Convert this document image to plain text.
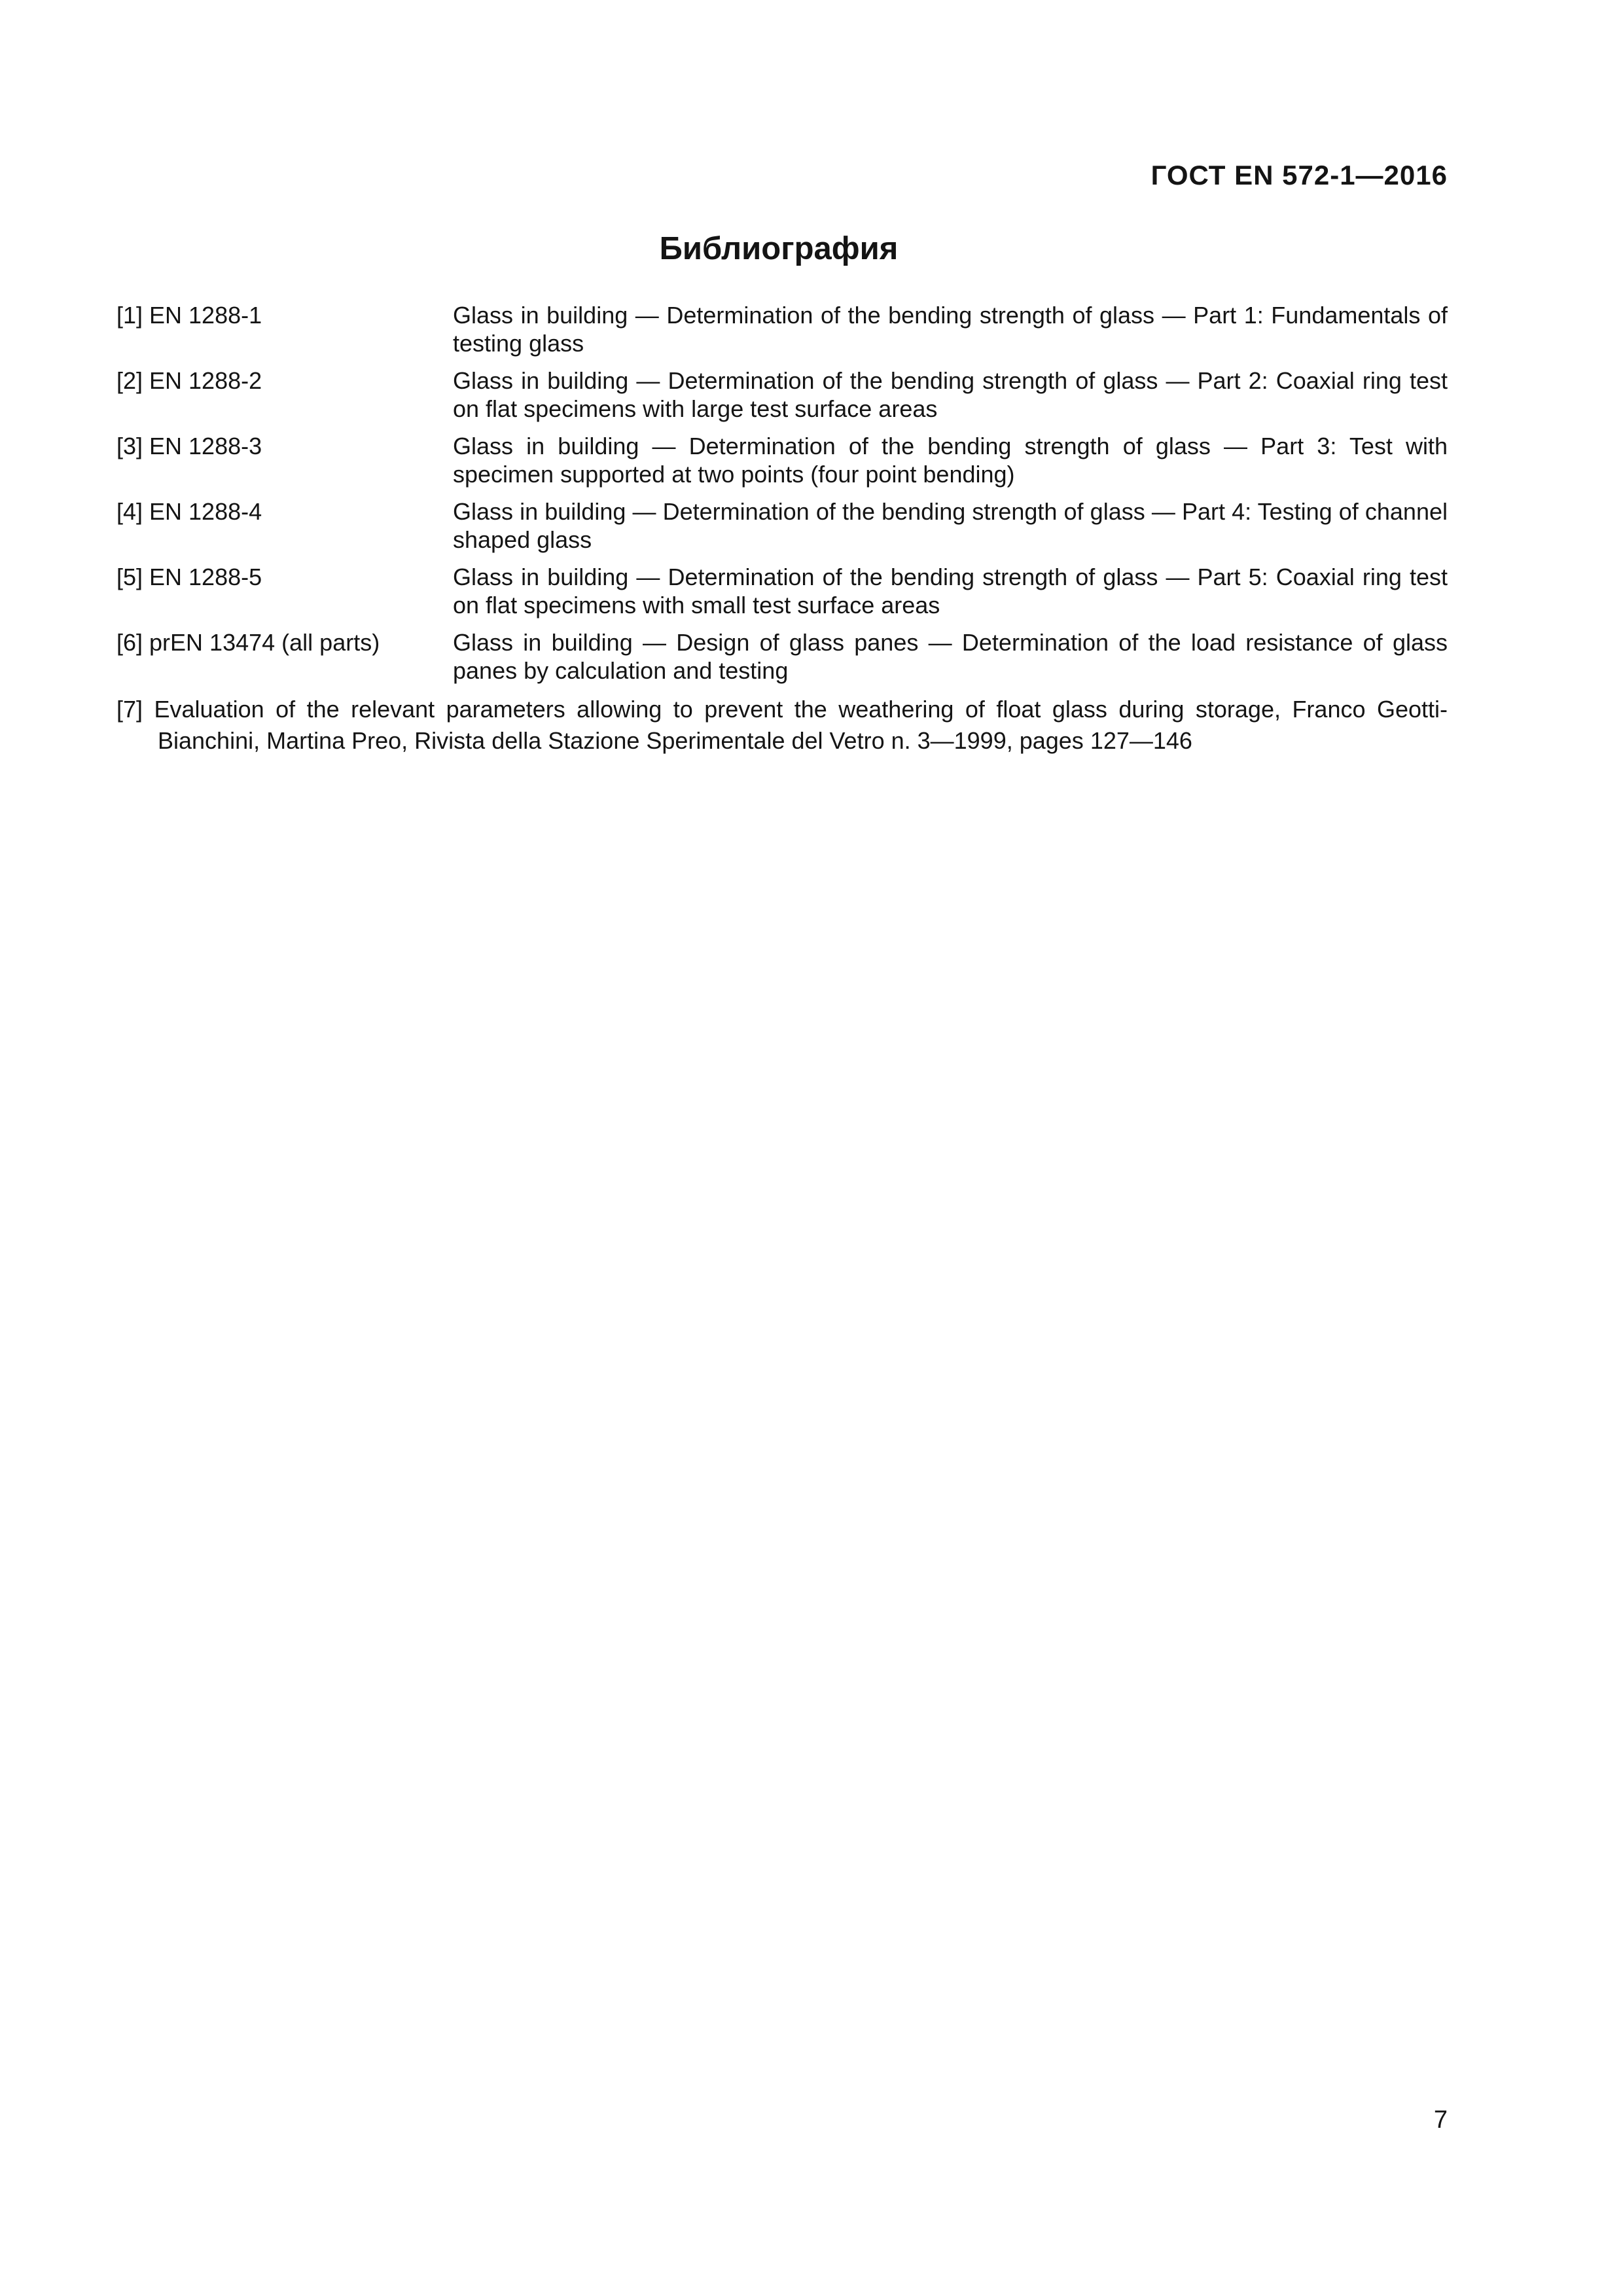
ГОСТ EN 572-1—2016
Библиография
[1] EN 1288-1	Glass in building — Determination of the bending strength of glass — Part 1: Fundamentals of testing glass
[2] EN 1288-2	Glass in building — Determination of the bending strength of glass — Part 2: Coaxial ring test on flat specimens with large test surface areas
[3] EN 1288-3	Glass in building — Determination of the bending strength of glass — Part 3: Test with specimen supported at two points (four point bending)
[4] EN 1288-4	Glass in building — Determination of the bending strength of glass — Part 4: Testing of channel shaped glass
[5] EN 1288-5	Glass in building — Determination of the bending strength of glass — Part 5: Coaxial ring test on flat specimens with small test surface areas
[6] prEN 13474 (all parts)	Glass in building — Design of glass panes — Determination of the load resistance of glass panes by calculation and testing
[7] Evaluation of the relevant parameters allowing to prevent the weathering of float glass during storage, Franco Geotti-Bianchini, Martina Preo, Rivista della Stazione Sperimentale del Vetro n. 3—1999, pages 127—146
7
